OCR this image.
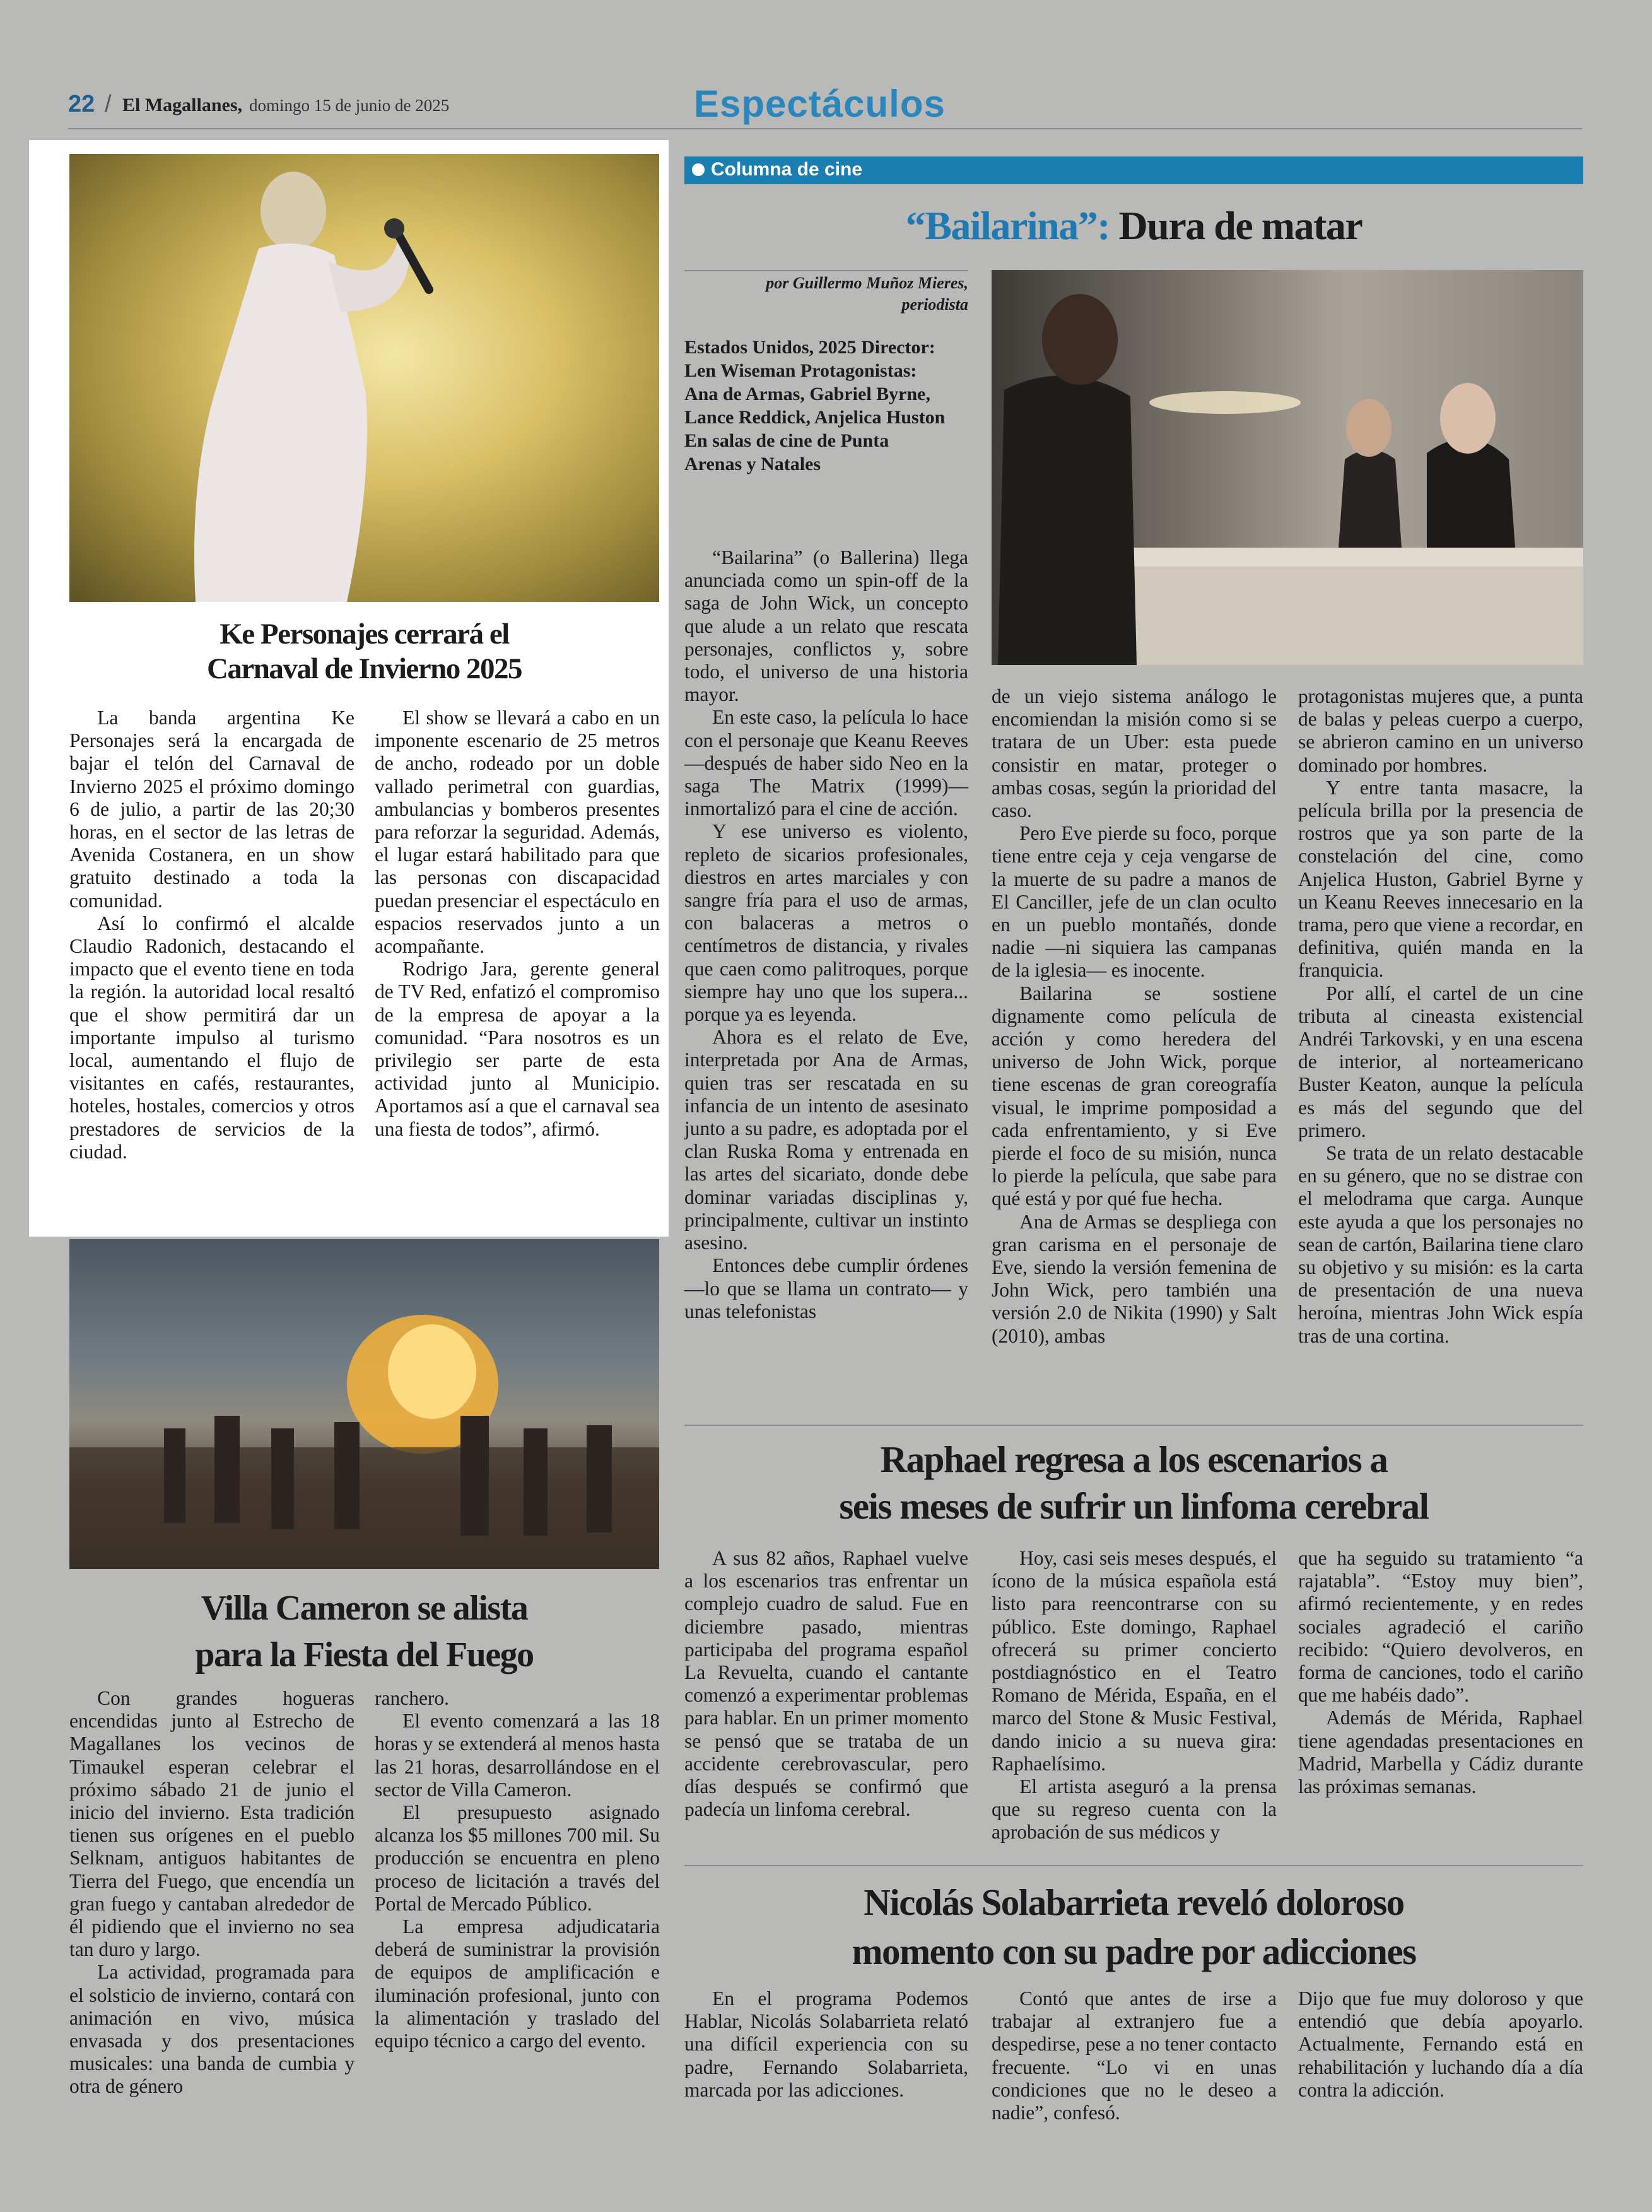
22 / El Magallanes, domingo 15 de junio de 2025	Espectáculos
Ke Personajes cerrará el
Carnaval de Invierno 2025

La banda argentina Ke Personajes será la encargada de bajar el telón del Carnaval de Invierno 2025 el próximo domingo 6 de julio, a partir de las 20;30 horas, en el sector de las letras de Avenida Costanera, en un show gratuito destinado a toda la comunidad.

Así lo confirmó el alcalde Claudio Radonich, destacando el impacto que el evento tiene en toda la región. la autoridad local resaltó que el show permitirá dar un importante impulso al turismo local, aumentando el flujo de visitantes en cafés, restaurantes, hoteles, hostales, comercios y otros prestadores de servicios de la ciudad.

El show se llevará a cabo en un imponente escenario de 25 metros de ancho, rodeado por un doble vallado perimetral con guardias, ambulancias y bomberos presentes para reforzar la seguridad. Además, el lugar estará habilitado para que las personas con discapacidad puedan presenciar el espectáculo en espacios reservados junto a un acompañante.

Rodrigo Jara, gerente general de TV Red, enfatizó el compromiso de la empresa de apoyar a la comunidad. “Para nosotros es un privilegio ser parte de esta actividad junto al Municipio. Aportamos así a que el carnaval sea una fiesta de todos”, afirmó.

Villa Cameron se alista
para la Fiesta del Fuego

Con grandes hogueras encendidas junto al Estrecho de Magallanes los vecinos de Timaukel esperan celebrar el próximo sábado 21 de junio el inicio del invierno. Esta tradición tienen sus orígenes en el pueblo Selknam, antiguos habitantes de Tierra del Fuego, que encendía un gran fuego y cantaban alrededor de él pidiendo que el invierno no sea tan duro y largo.

La actividad, programada para el solsticio de invierno, contará con animación en vivo, música envasada y dos presentaciones musicales: una banda de cumbia y otra de género

ranchero.

El evento comenzará a las 18 horas y se extenderá al menos hasta las 21 horas, desarrollándose en el sector de Villa Cameron.

El presupuesto asignado alcanza los $5 millones 700 mil. Su producción se encuentra en pleno proceso de licitación a través del Portal de Mercado Público.

La empresa adjudicataria deberá de suministrar la provisión de equipos de amplificación e iluminación profesional, junto con la alimentación y traslado del equipo técnico a cargo del evento.

Columna de cine
“Bailarina”: Dura de matar
por Guillermo Muñoz Mieres,
periodista
Estados Unidos, 2025 Director: Len Wiseman Protagonistas: Ana de Armas, Gabriel Byrne, Lance Reddick, Anjelica Huston En salas de cine de Punta Arenas y Natales

“Bailarina” (o Ballerina) llega anunciada como un spin-off de la saga de John Wick, un concepto que alude a un relato que rescata personajes, conflictos y, sobre todo, el universo de una historia mayor.

En este caso, la película lo hace con el personaje que Keanu Reeves —después de haber sido Neo en la saga The Matrix (1999)— inmortalizó para el cine de acción.

Y ese universo es violento, repleto de sicarios profesionales, diestros en artes marciales y con sangre fría para el uso de armas, con balaceras a metros o centímetros de distancia, y rivales que caen como palitroques, porque siempre hay uno que los supera... porque ya es leyenda.

Ahora es el relato de Eve, interpretada por Ana de Armas, quien tras ser rescatada en su infancia de un intento de asesinato junto a su padre, es adoptada por el clan Ruska Roma y entrenada en las artes del sicariato, donde debe dominar variadas disciplinas y, principalmente, cultivar un instinto asesino.

Entonces debe cumplir órdenes —lo que se llama un contrato— y unas telefonistas

de un viejo sistema análogo le encomiendan la misión como si se tratara de un Uber: esta puede consistir en matar, proteger o ambas cosas, según la prioridad del caso.

Pero Eve pierde su foco, porque tiene entre ceja y ceja vengarse de la muerte de su padre a manos de El Canciller, jefe de un clan oculto en un pueblo montañés, donde nadie —ni siquiera las campanas de la iglesia— es inocente.

Bailarina se sostiene dignamente como película de acción y como heredera del universo de John Wick, porque tiene escenas de gran coreografía visual, le imprime pomposidad a cada enfrentamiento, y si Eve pierde el foco de su misión, nunca lo pierde la película, que sabe para qué está y por qué fue hecha.

Ana de Armas se despliega con gran carisma en el personaje de Eve, siendo la versión femenina de John Wick, pero también una versión 2.0 de Nikita (1990) y Salt (2010), ambas

protagonistas mujeres que, a punta de balas y peleas cuerpo a cuerpo, se abrieron camino en un universo dominado por hombres.

Y entre tanta masacre, la película brilla por la presencia de rostros que ya son parte de la constelación del cine, como Anjelica Huston, Gabriel Byrne y un Keanu Reeves innecesario en la trama, pero que viene a recordar, en definitiva, quién manda en la franquicia.

Por allí, el cartel de un cine tributa al cineasta existencial Andréi Tarkovski, y en una escena de interior, al norteamericano Buster Keaton, aunque la película es más del segundo que del primero.

Se trata de un relato destacable en su género, que no se distrae con el melodrama que carga. Aunque este ayuda a que los personajes no sean de cartón, Bailarina tiene claro su objetivo y su misión: es la carta de presentación de una nueva heroína, mientras John Wick espía tras de una cortina.

Raphael regresa a los escenarios a
seis meses de sufrir un linfoma cerebral

A sus 82 años, Raphael vuelve a los escenarios tras enfrentar un complejo cuadro de salud. Fue en diciembre pasado, mientras participaba del programa español La Revuelta, cuando el cantante comenzó a experimentar problemas para hablar. En un primer momento se pensó que se trataba de un accidente cerebrovascular, pero días después se confirmó que padecía un linfoma cerebral.

Hoy, casi seis meses después, el ícono de la música española está listo para reencontrarse con su público. Este domingo, Raphael ofrecerá su primer concierto postdiagnóstico en el Teatro Romano de Mérida, España, en el marco del Stone & Music Festival, dando inicio a su nueva gira: Raphaelísimo.

El artista aseguró a la prensa que su regreso cuenta con la aprobación de sus médicos y

que ha seguido su tratamiento “a rajatabla”. “Estoy muy bien”, afirmó recientemente, y en redes sociales agradeció el cariño recibido: “Quiero devolveros, en forma de canciones, todo el cariño que me habéis dado”.

Además de Mérida, Raphael tiene agendadas presentaciones en Madrid, Marbella y Cádiz durante las próximas semanas.

Nicolás Solabarrieta reveló doloroso
momento con su padre por adicciones

En el programa Podemos Hablar, Nicolás Solabarrieta relató una difícil experiencia con su padre, Fernando Solabarrieta, marcada por las adicciones.

Contó que antes de irse a trabajar al extranjero fue a despedirse, pese a no tener contacto frecuente. “Lo vi en unas condiciones que no le deseo a nadie”, confesó.

Dijo que fue muy doloroso y que entendió que debía apoyarlo. Actualmente, Fernando está en rehabilitación y luchando día a día contra la adicción.
